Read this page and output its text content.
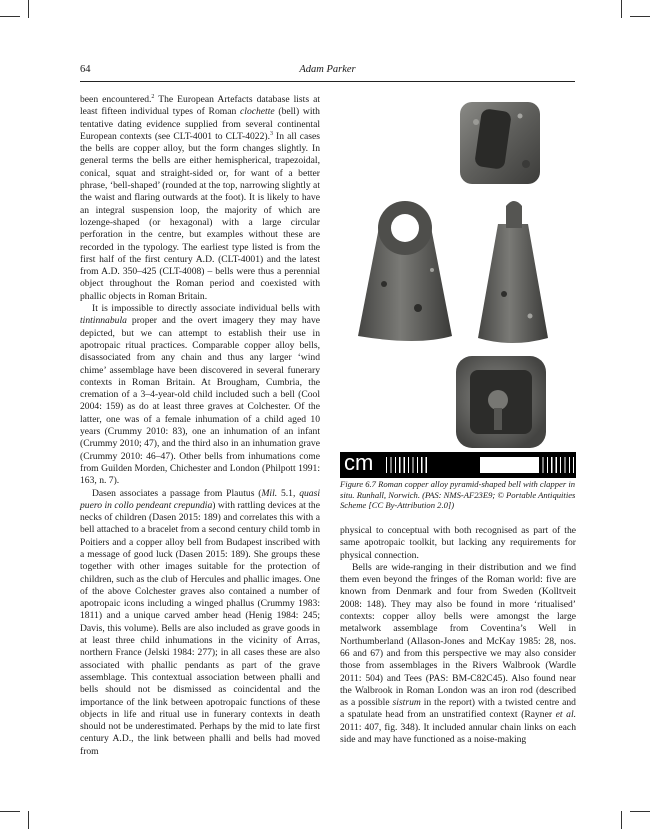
64	Adam Parker

been encountered.$^2$ The European Artefacts database lists at least fifteen individual types of Roman clochette (bell) with tentative dating evidence supplied from several continental European contexts (see CLT-4001 to CLT-4022).$^3$ In all cases the bells are copper alloy, but the form changes slightly. In general terms the bells are either hemispherical, trapezoidal, conical, squat and straight-sided or, for want of a better phrase, ‘bell-shaped’ (rounded at the top, narrowing slightly at the waist and flaring outwards at the foot). It is likely to have an integral suspension loop, the majority of which are lozenge-shaped (or hexagonal) with a large circular perforation in the centre, but examples without these are recorded in the typology. The earliest type listed is from the first half of the first century A.D. (CLT-4001) and the latest from A.D. 350–425 (CLT-4008) – bells were thus a perennial object throughout the Roman period and coexisted with phallic objects in Roman Britain.

It is impossible to directly associate individual bells with tintinnabula proper and the overt imagery they may have depicted, but we can attempt to establish their use in apotropaic ritual practices. Comparable copper alloy bells, disassociated from any chain and thus any larger ‘wind chime’ assemblage have been discovered in several funerary contexts in Roman Britain. At Brougham, Cumbria, the cremation of a 3–4-year-old child included such a bell (Cool 2004: 159) as do at least three graves at Colchester. Of the latter, one was of a female inhumation of a child aged 10 years (Crummy 2010: 83), one an inhumation of an infant (Crummy 2010; 47), and the third also in an inhumation grave (Crummy 2010: 46–47). Other bells from inhumations come from Guilden Morden, Chichester and London (Philpott 1991: 163, n. 7).

Dasen associates a passage from Plautus (Mil. 5.1, quasi puero in collo pendeant crepundia) with rattling devices at the necks of children (Dasen 2015: 189) and correlates this with a bell attached to a bracelet from a second century child tomb in Poitiers and a copper alloy bell from Budapest inscribed with a message of good luck (Dasen 2015: 189). She groups these together with other images suitable for the protection of children, such as the club of Hercules and phallic images. One of the above Colchester graves also contained a number of apotropaic icons including a winged phallus (Crummy 1983: 1811) and a unique carved amber head (Henig 1984: 245; Davis, this volume). Bells are also included as grave goods in at least three child inhumations in the vicinity of Arras, northern France (Jelski 1984: 277); in all cases these are also associated with phallic pendants as part of the grave assemblage. This contextual association between phalli and bells should not be dismissed as coincidental and the importance of the link between apotropaic functions of these objects in life and ritual use in funerary contexts in death should not be underestimated. Perhaps by the mid to late first century A.D., the link between phalli and bells had moved from

cm
Figure 6.7 Roman copper alloy pyramid-shaped bell with clapper in situ. Runhall, Norwich. (PAS: NMS-AF23E9; © Portable Antiquities Scheme [CC By-Attribution 2.0])

physical to conceptual with both recognised as part of the same apotropaic toolkit, but lacking any requirements for physical connection.

Bells are wide-ranging in their distribution and we find them even beyond the fringes of the Roman world: five are known from Denmark and four from Sweden (Kolltveit 2008: 148). They may also be found in more ‘ritualised’ contexts: copper alloy bells were amongst the large metalwork assemblage from Coventina’s Well in Northumberland (Allason-Jones and McKay 1985: 28, nos. 66 and 67) and from this perspective we may also consider those from assemblages in the Rivers Walbrook (Wardle 2011: 504) and Tees (PAS: BM-C82C45). Also found near the Walbrook in Roman London was an iron rod (described as a possible sistrum in the report) with a twisted centre and a spatulate head from an unstratified context (Rayner et al. 2011: 407, fig. 348). It included annular chain links on each side and may have functioned as a noise-making
